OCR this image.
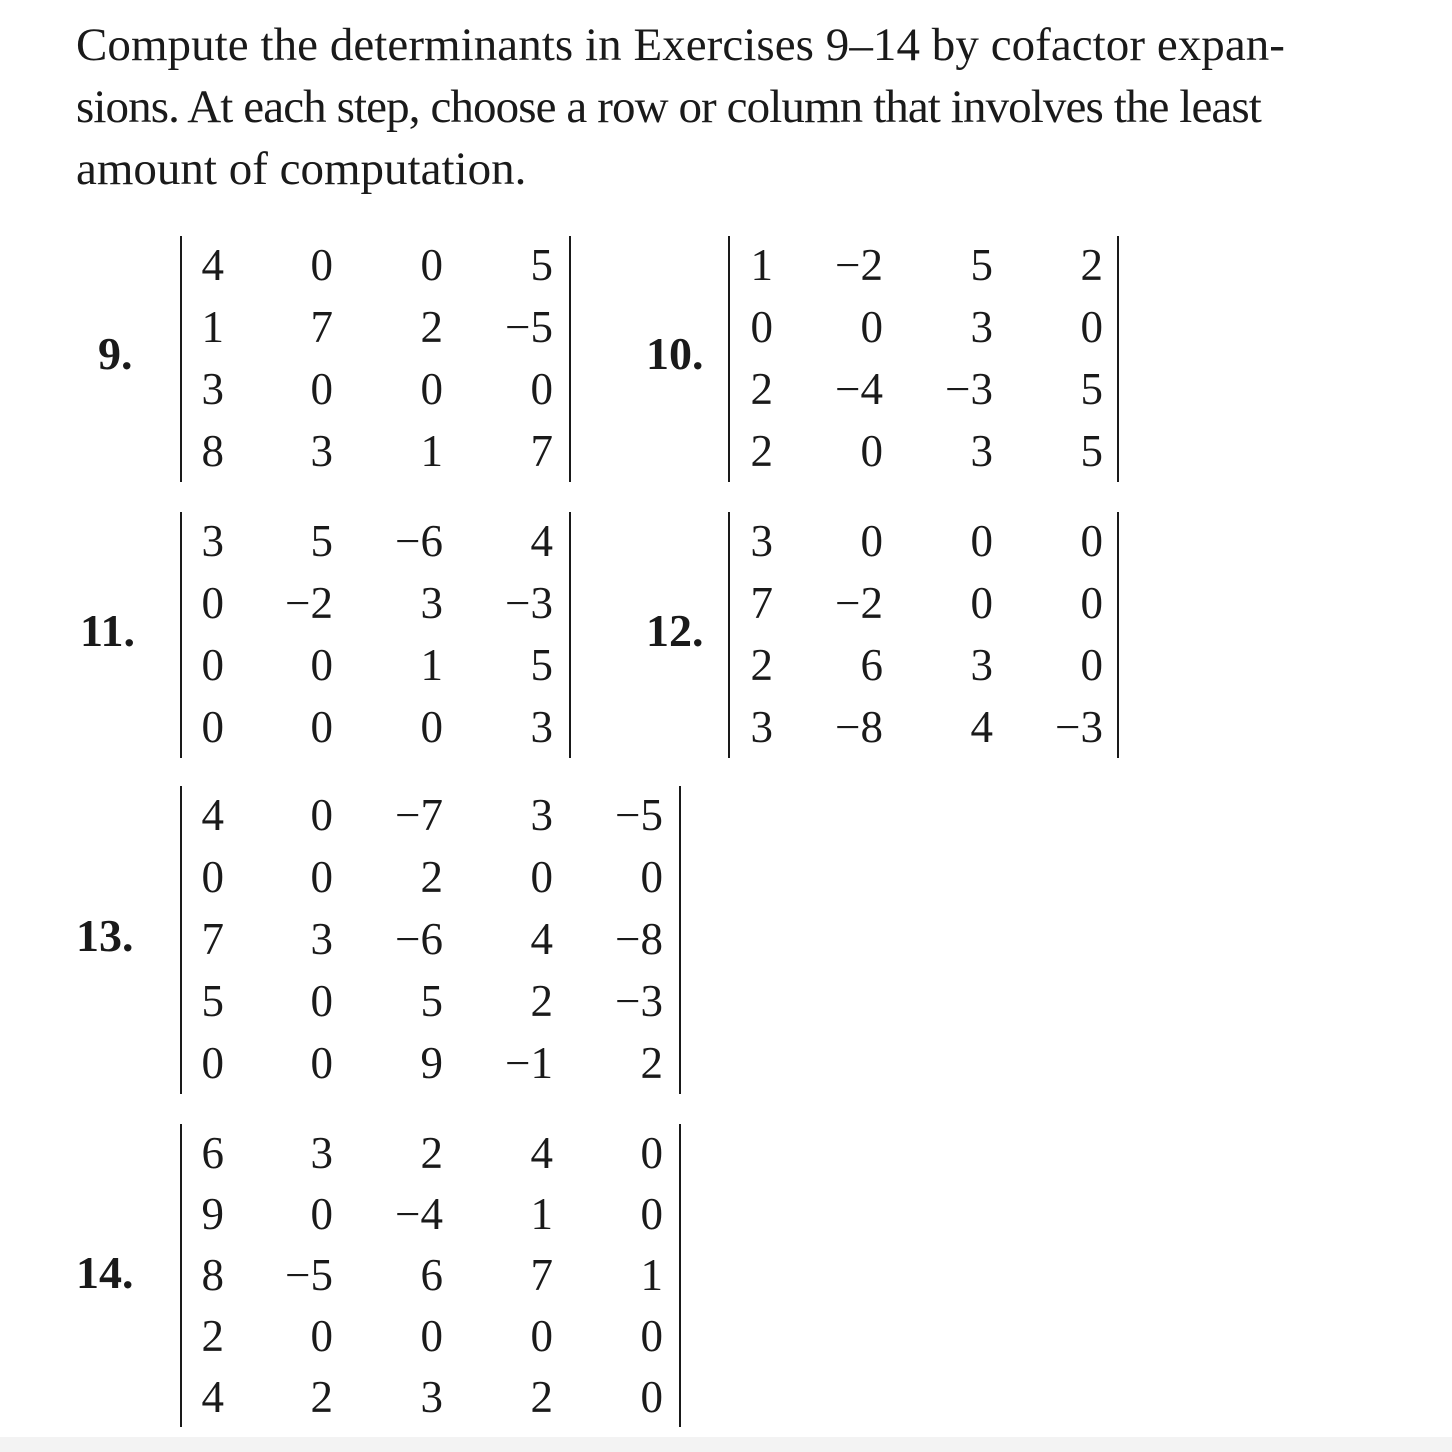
Compute the determinants in Exercises 9–14 by cofactor expan-
sions. At each step, choose a row or column that involves the least
amount of computation.
9.
4	0	0	5
1	7	2	−5
3	0	0	0
8	3	1	7
10.
1	−2	5	2
0	0	3	0
2	−4	−3	5
2	0	3	5
11.
3	5	−6	4
0	−2	3	−3
0	0	1	5
0	0	0	3
12.
3	0	0	0
7	−2	0	0
2	6	3	0
3	−8	4	−3
13.
4	0	−7	3	−5
0	0	2	0	0
7	3	−6	4	−8
5	0	5	2	−3
0	0	9	−1	2
14.
6	3	2	4	0
9	0	−4	1	0
8	−5	6	7	1
2	0	0	0	0
4	2	3	2	0
